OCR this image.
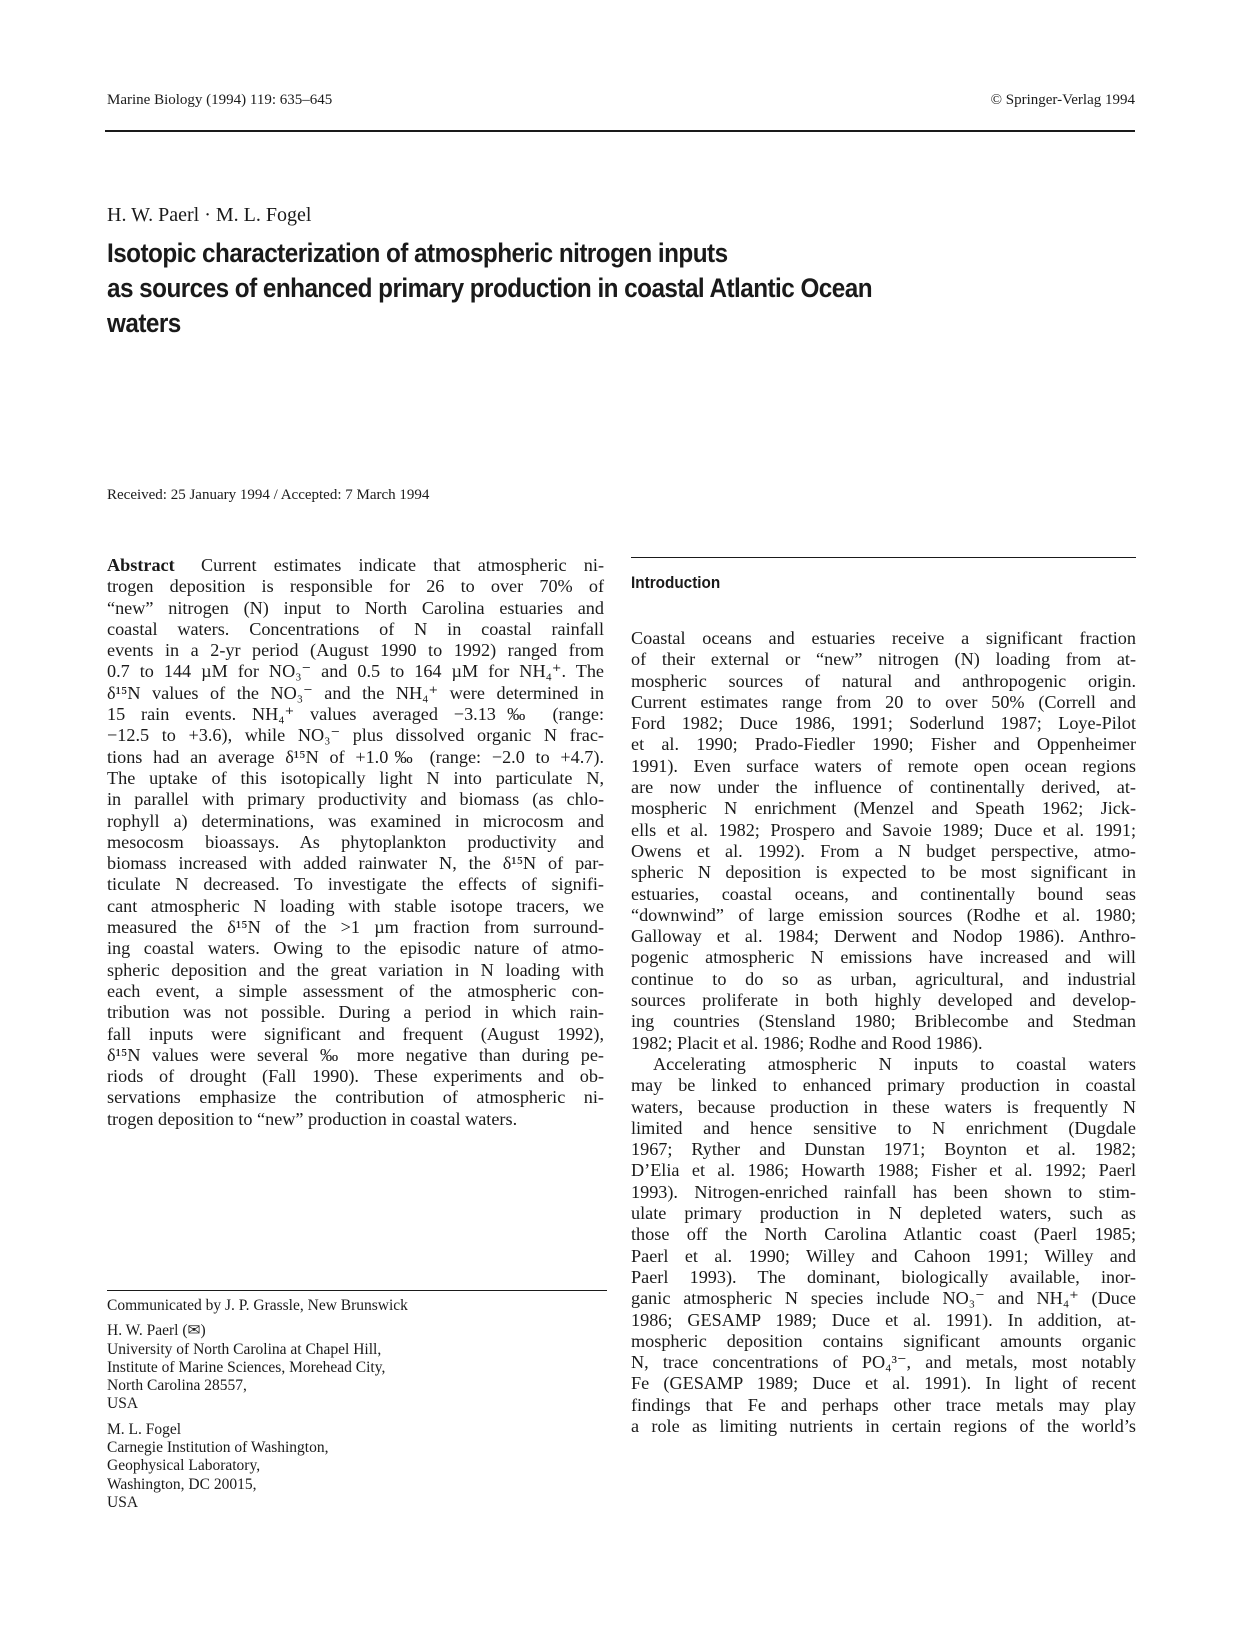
Marine Biology (1994) 119: 635–645	© Springer-Verlag 1994
H. W. Paerl · M. L. Fogel
Isotopic characterization of atmospheric nitrogen inputs
as sources of enhanced primary production in coastal Atlantic Ocean
waters
Received: 25 January 1994 / Accepted: 7 March 1994
Abstract  Current estimates indicate that atmospheric ni-
trogen deposition is responsible for 26 to over 70% of
“new” nitrogen (N) input to North Carolina estuaries and
coastal waters. Concentrations of N in coastal rainfall
events in a 2-yr period (August 1990 to 1992) ranged from
0.7 to 144 µM for NO₃⁻ and 0.5 to 164 µM for NH₄⁺. The
δ¹⁵N values of the NO₃⁻ and the NH₄⁺ were determined in
15 rain events. NH₄⁺ values averaged −3.13‰ (range:
−12.5 to +3.6), while NO₃⁻ plus dissolved organic N frac-
tions had an average δ¹⁵N of +1.0‰ (range: −2.0 to +4.7).
The uptake of this isotopically light N into particulate N,
in parallel with primary productivity and biomass (as chlo-
rophyll a) determinations, was examined in microcosm and
mesocosm bioassays. As phytoplankton productivity and
biomass increased with added rainwater N, the δ¹⁵N of par-
ticulate N decreased. To investigate the effects of signifi-
cant atmospheric N loading with stable isotope tracers, we
measured the δ¹⁵N of the >1 µm fraction from surround-
ing coastal waters. Owing to the episodic nature of atmo-
spheric deposition and the great variation in N loading with
each event, a simple assessment of the atmospheric con-
tribution was not possible. During a period in which rain-
fall inputs were significant and frequent (August 1992),
δ¹⁵N values were several ‰ more negative than during pe-
riods of drought (Fall 1990). These experiments and ob-
servations emphasize the contribution of atmospheric ni-
trogen deposition to “new” production in coastal waters.
Communicated by J. P. Grassle, New Brunswick
H. W. Paerl (✉)
University of North Carolina at Chapel Hill,
Institute of Marine Sciences, Morehead City,
North Carolina 28557,
USA
M. L. Fogel
Carnegie Institution of Washington,
Geophysical Laboratory,
Washington, DC 20015,
USA
Introduction
Coastal oceans and estuaries receive a significant fraction
of their external or “new” nitrogen (N) loading from at-
mospheric sources of natural and anthropogenic origin.
Current estimates range from 20 to over 50% (Correll and
Ford 1982; Duce 1986, 1991; Soderlund 1987; Loye-Pilot
et al. 1990; Prado-Fiedler 1990; Fisher and Oppenheimer
1991). Even surface waters of remote open ocean regions
are now under the influence of continentally derived, at-
mospheric N enrichment (Menzel and Speath 1962; Jick-
ells et al. 1982; Prospero and Savoie 1989; Duce et al. 1991;
Owens et al. 1992). From a N budget perspective, atmo-
spheric N deposition is expected to be most significant in
estuaries, coastal oceans, and continentally bound seas
“downwind” of large emission sources (Rodhe et al. 1980;
Galloway et al. 1984; Derwent and Nodop 1986). Anthro-
pogenic atmospheric N emissions have increased and will
continue to do so as urban, agricultural, and industrial
sources proliferate in both highly developed and develop-
ing countries (Stensland 1980; Briblecombe and Stedman
1982; Placit et al. 1986; Rodhe and Rood 1986).
Accelerating atmospheric N inputs to coastal waters
may be linked to enhanced primary production in coastal
waters, because production in these waters is frequently N
limited and hence sensitive to N enrichment (Dugdale
1967; Ryther and Dunstan 1971; Boynton et al. 1982;
D’Elia et al. 1986; Howarth 1988; Fisher et al. 1992; Paerl
1993). Nitrogen-enriched rainfall has been shown to stim-
ulate primary production in N depleted waters, such as
those off the North Carolina Atlantic coast (Paerl 1985;
Paerl et al. 1990; Willey and Cahoon 1991; Willey and
Paerl 1993). The dominant, biologically available, inor-
ganic atmospheric N species include NO₃⁻ and NH₄⁺ (Duce
1986; GESAMP 1989; Duce et al. 1991). In addition, at-
mospheric deposition contains significant amounts organic
N, trace concentrations of PO₄³⁻, and metals, most notably
Fe (GESAMP 1989; Duce et al. 1991). In light of recent
findings that Fe and perhaps other trace metals may play
a role as limiting nutrients in certain regions of the world’s
